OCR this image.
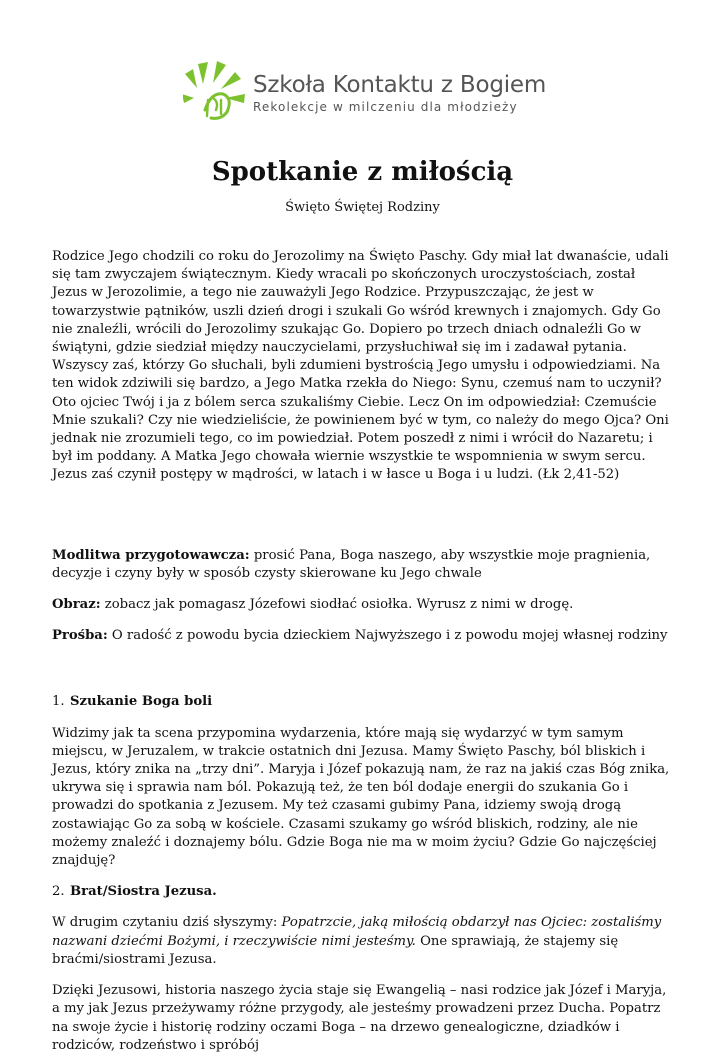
Szkoła Kontaktu z Bogiem
Rekolekcje w milczeniu dla młodzieży
Spotkanie z miłością

Święto Świętej Rodziny

Rodzice Jego chodzili co roku do Jerozolimy na Święto Paschy. Gdy miał lat dwanaście, udali się tam zwyczajem świątecznym. Kiedy wracali po skończonych uroczystościach, został Jezus w Jerozolimie, a tego nie zauważyli Jego Rodzice. Przypuszczając, że jest w towarzystwie pątników, uszli dzień drogi i szukali Go wśród krewnych i znajomych. Gdy Go nie znaleźli, wrócili do Jerozolimy szukając Go. Dopiero po trzech dniach odnaleźli Go w świątyni, gdzie siedział między nauczycielami, przysłuchiwał się im i zadawał pytania. Wszyscy zaś, którzy Go słuchali, byli zdumieni bystrością Jego umysłu i odpowiedziami. Na ten widok zdziwili się bardzo, a Jego Matka rzekła do Niego: Synu, czemuś nam to uczynił? Oto ojciec Twój i ja z bólem serca szukaliśmy Ciebie. Lecz On im odpowiedział: Czemuście Mnie szukali? Czy nie wiedzieliście, że powinienem być w tym, co należy do mego Ojca? Oni jednak nie zrozumieli tego, co im powiedział. Potem poszedł z nimi i wrócił do Nazaretu; i był im poddany. A Matka Jego chowała wiernie wszystkie te wspomnienia w swym sercu. Jezus zaś czynił postępy w mądrości, w latach i w łasce u Boga i u ludzi. (Łk 2,41-52)

Modlitwa przygotowawcza: prosić Pana, Boga naszego, aby wszystkie moje pragnienia, decyzje i czyny były w sposób czysty skierowane ku Jego chwale

Obraz: zobacz jak pomagasz Józefowi siodłać osiołka. Wyrusz z nimi w drogę.

Prośba: O radość z powodu bycia dzieckiem Najwyższego i z powodu mojej własnej rodziny

1. Szukanie Boga boli

Widzimy jak ta scena przypomina wydarzenia, które mają się wydarzyć w tym samym miejscu, w Jeruzalem, w trakcie ostatnich dni Jezusa. Mamy Święto Paschy, ból bliskich i Jezus, który znika na „trzy dni”. Maryja i Józef pokazują nam, że raz na jakiś czas Bóg znika, ukrywa się i sprawia nam ból. Pokazują też, że ten ból dodaje energii do szukania Go i prowadzi do spotkania z Jezusem. My też czasami gubimy Pana, idziemy swoją drogą zostawiając Go za sobą w kościele. Czasami szukamy go wśród bliskich, rodziny, ale nie możemy znaleźć i doznajemy bólu. Gdzie Boga nie ma w moim życiu? Gdzie Go najczęściej znajduję?

2. Brat/Siostra Jezusa.

W drugim czytaniu dziś słyszymy: Popatrzcie, jaką miłością obdarzył nas Ojciec: zostaliśmy nazwani dziećmi Bożymi, i rzeczywiście nimi jesteśmy. One sprawiają, że stajemy się braćmi/siostrami Jezusa.

Dzięki Jezusowi, historia naszego życia staje się Ewangelią – nasi rodzice jak Józef i Maryja, a my jak Jezus przeżywamy różne przygody, ale jesteśmy prowadzeni przez Ducha. Popatrz na swoje życie i historię rodziny oczami Boga – na drzewo genealogiczne, dziadków i rodziców, rodzeństwo i spróbój
